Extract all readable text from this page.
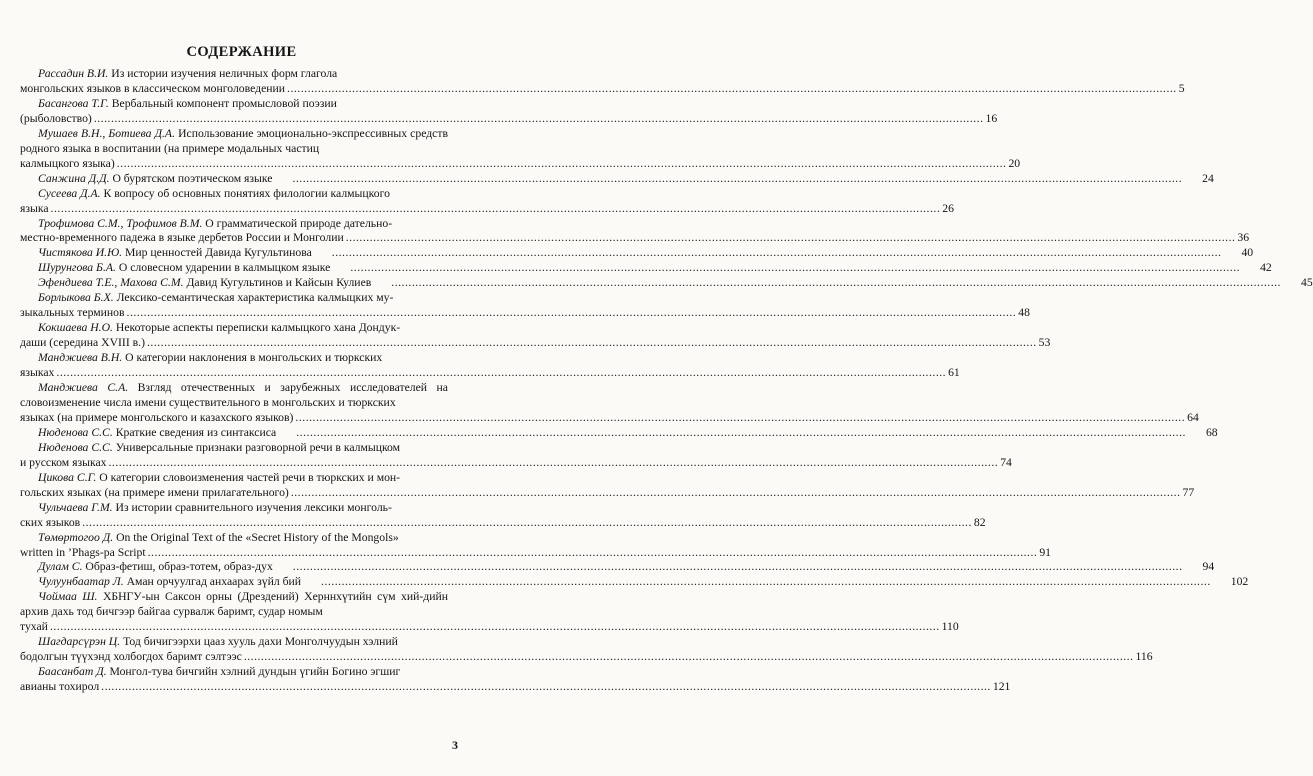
СОДЕРЖАНИЕ
Рассадин В.И. Из истории изучения неличных форм глагола
монгольских языков в классическом монголоведении .................................................................................................................................................................................................................................................................... 5
Басангова Т.Г. Вербальный компонент промысловой поэзии
(рыболовство) .................................................................................................................................................................................................................................................................... 16
Мушаев В.Н., Ботиева Д.А. Использование эмоционально-экспрессивных средств родного языка в воспитании (на примере модальных частиц
калмыцкого языка) .................................................................................................................................................................................................................................................................... 20
Санжина Д.Д. О бурятском поэтическом языке	....................................................................................................................................................................................................................................................................	24
Сусеева Д.А. К вопросу об основных понятиях филологии калмыцкого
языка .................................................................................................................................................................................................................................................................... 26
Трофимова С.М., Трофимов В.М. О грамматической природе дательно-
местно-временного падежа в языке дербетов России и Монголии .................................................................................................................................................................................................................................................................... 36
Чистякова И.Ю. Мир ценностей Давида Кугультинова	....................................................................................................................................................................................................................................................................	40
Шурунгова Б.А. О словесном ударении в калмыцком языке	....................................................................................................................................................................................................................................................................	42
Эфендиева Т.Е., Махова С.М. Давид Кугультинов и Кайсын Кулиев	....................................................................................................................................................................................................................................................................	45
Борлыкова Б.Х. Лексико-семантическая характеристика калмыцких му-
зыкальных терминов .................................................................................................................................................................................................................................................................... 48
Кокшаева Н.О. Некоторые аспекты переписки калмыцкого хана Дондук-
даши (середина XVIII в.) .................................................................................................................................................................................................................................................................... 53
Манджиева В.Н. О категории наклонения в монгольских и тюркских
языках .................................................................................................................................................................................................................................................................... 61
Манджиева С.А. Взгляд отечественных и зарубежных исследователей на словоизменение числа имени существительного в монгольских и тюркских
языках (на примере монгольского и казахского языков) .................................................................................................................................................................................................................................................................... 64
Нюденова С.С. Краткие сведения из синтаксиса	....................................................................................................................................................................................................................................................................	68
Нюденова С.С. Универсальные признаки разговорной речи в калмыцком
и русском языках .................................................................................................................................................................................................................................................................... 74
Цикова С.Г. О категории словоизменения частей речи в тюркских и мон-
гольских языках (на примере имени прилагательного) .................................................................................................................................................................................................................................................................... 77
Чульчаева Г.М. Из истории сравнительного изучения лексики монголь-
ских языков .................................................................................................................................................................................................................................................................... 82
Төмөртогоо Д. On the Original Text of the «Secret History of the Mongols»
written in ’Phags-pa Script .................................................................................................................................................................................................................................................................... 91
Дулам С. Образ-фетиш, образ-тотем, образ-дух	....................................................................................................................................................................................................................................................................	94
Чулуунбаатар Л. Аман орчуулгад анхаарах зүйл бий	....................................................................................................................................................................................................................................................................	102
Чоймаа Ш. ХБНГУ-ын Саксон орны (Дрездений) Херннхүтийн сүм хий-дийн архив дахь тод бичгээр байгаа сурвалж баримт, судар номым
тухай .................................................................................................................................................................................................................................................................... 110
Шагдарсүрэн Ц. Тод бичигээрхи цааз хууль дахи Монголчуудын хэлний
бодолгын түүхэнд холбогдох баримт сэлтээс .................................................................................................................................................................................................................................................................... 116
Баасанбат Д. Монгол-тува бичгийн хэлний дундын үгийн Богино эгшиг
авианы тохирол .................................................................................................................................................................................................................................................................... 121
3
